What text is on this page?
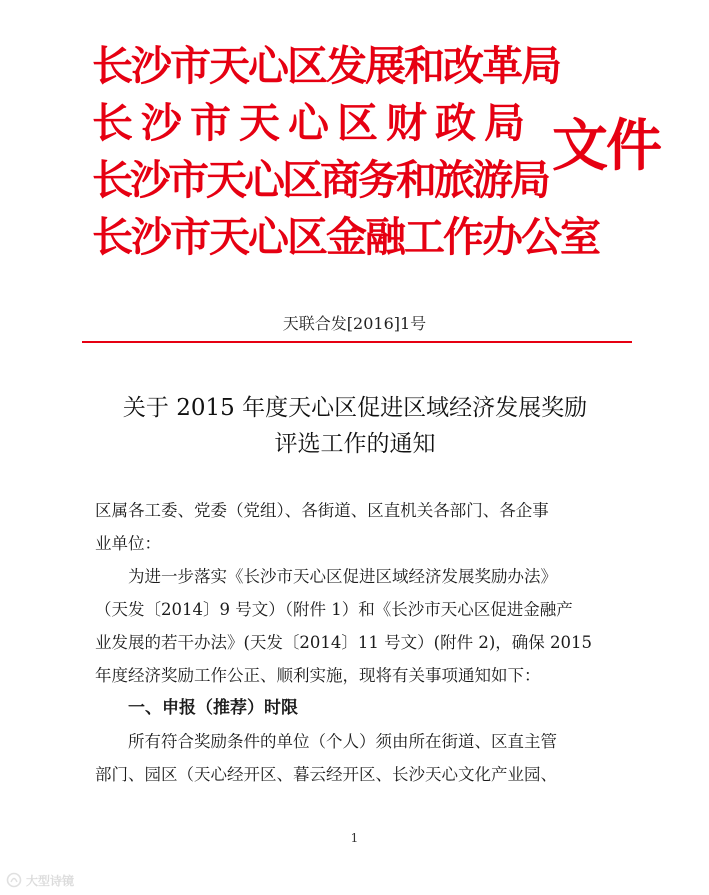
长沙市天心区发展和改革局
长沙市天心区财政局
长沙市天心区商务和旅游局
长沙市天心区金融工作办公室
文件
天联合发[2016]1号
关于 2015 年度天心区促进区域经济发展奖励
评选工作的通知
区属各工委、党委（党组）、各街道、区直机关各部门、各企事
业单位：
为进一步落实《长沙市天心区促进区域经济发展奖励办法》
（天发〔2014〕9 号文）（附件 1）和《长沙市天心区促进金融产
业发展的若干办法》(天发〔2014〕11 号文）(附件 2)，确保 2015
年度经济奖励工作公正、顺利实施，现将有关事项通知如下：
一、申报（推荐）时限
所有符合奖励条件的单位（个人）须由所在街道、区直主管
部门、园区（天心经开区、暮云经开区、长沙天心文化产业园、
1
大型诗镜
